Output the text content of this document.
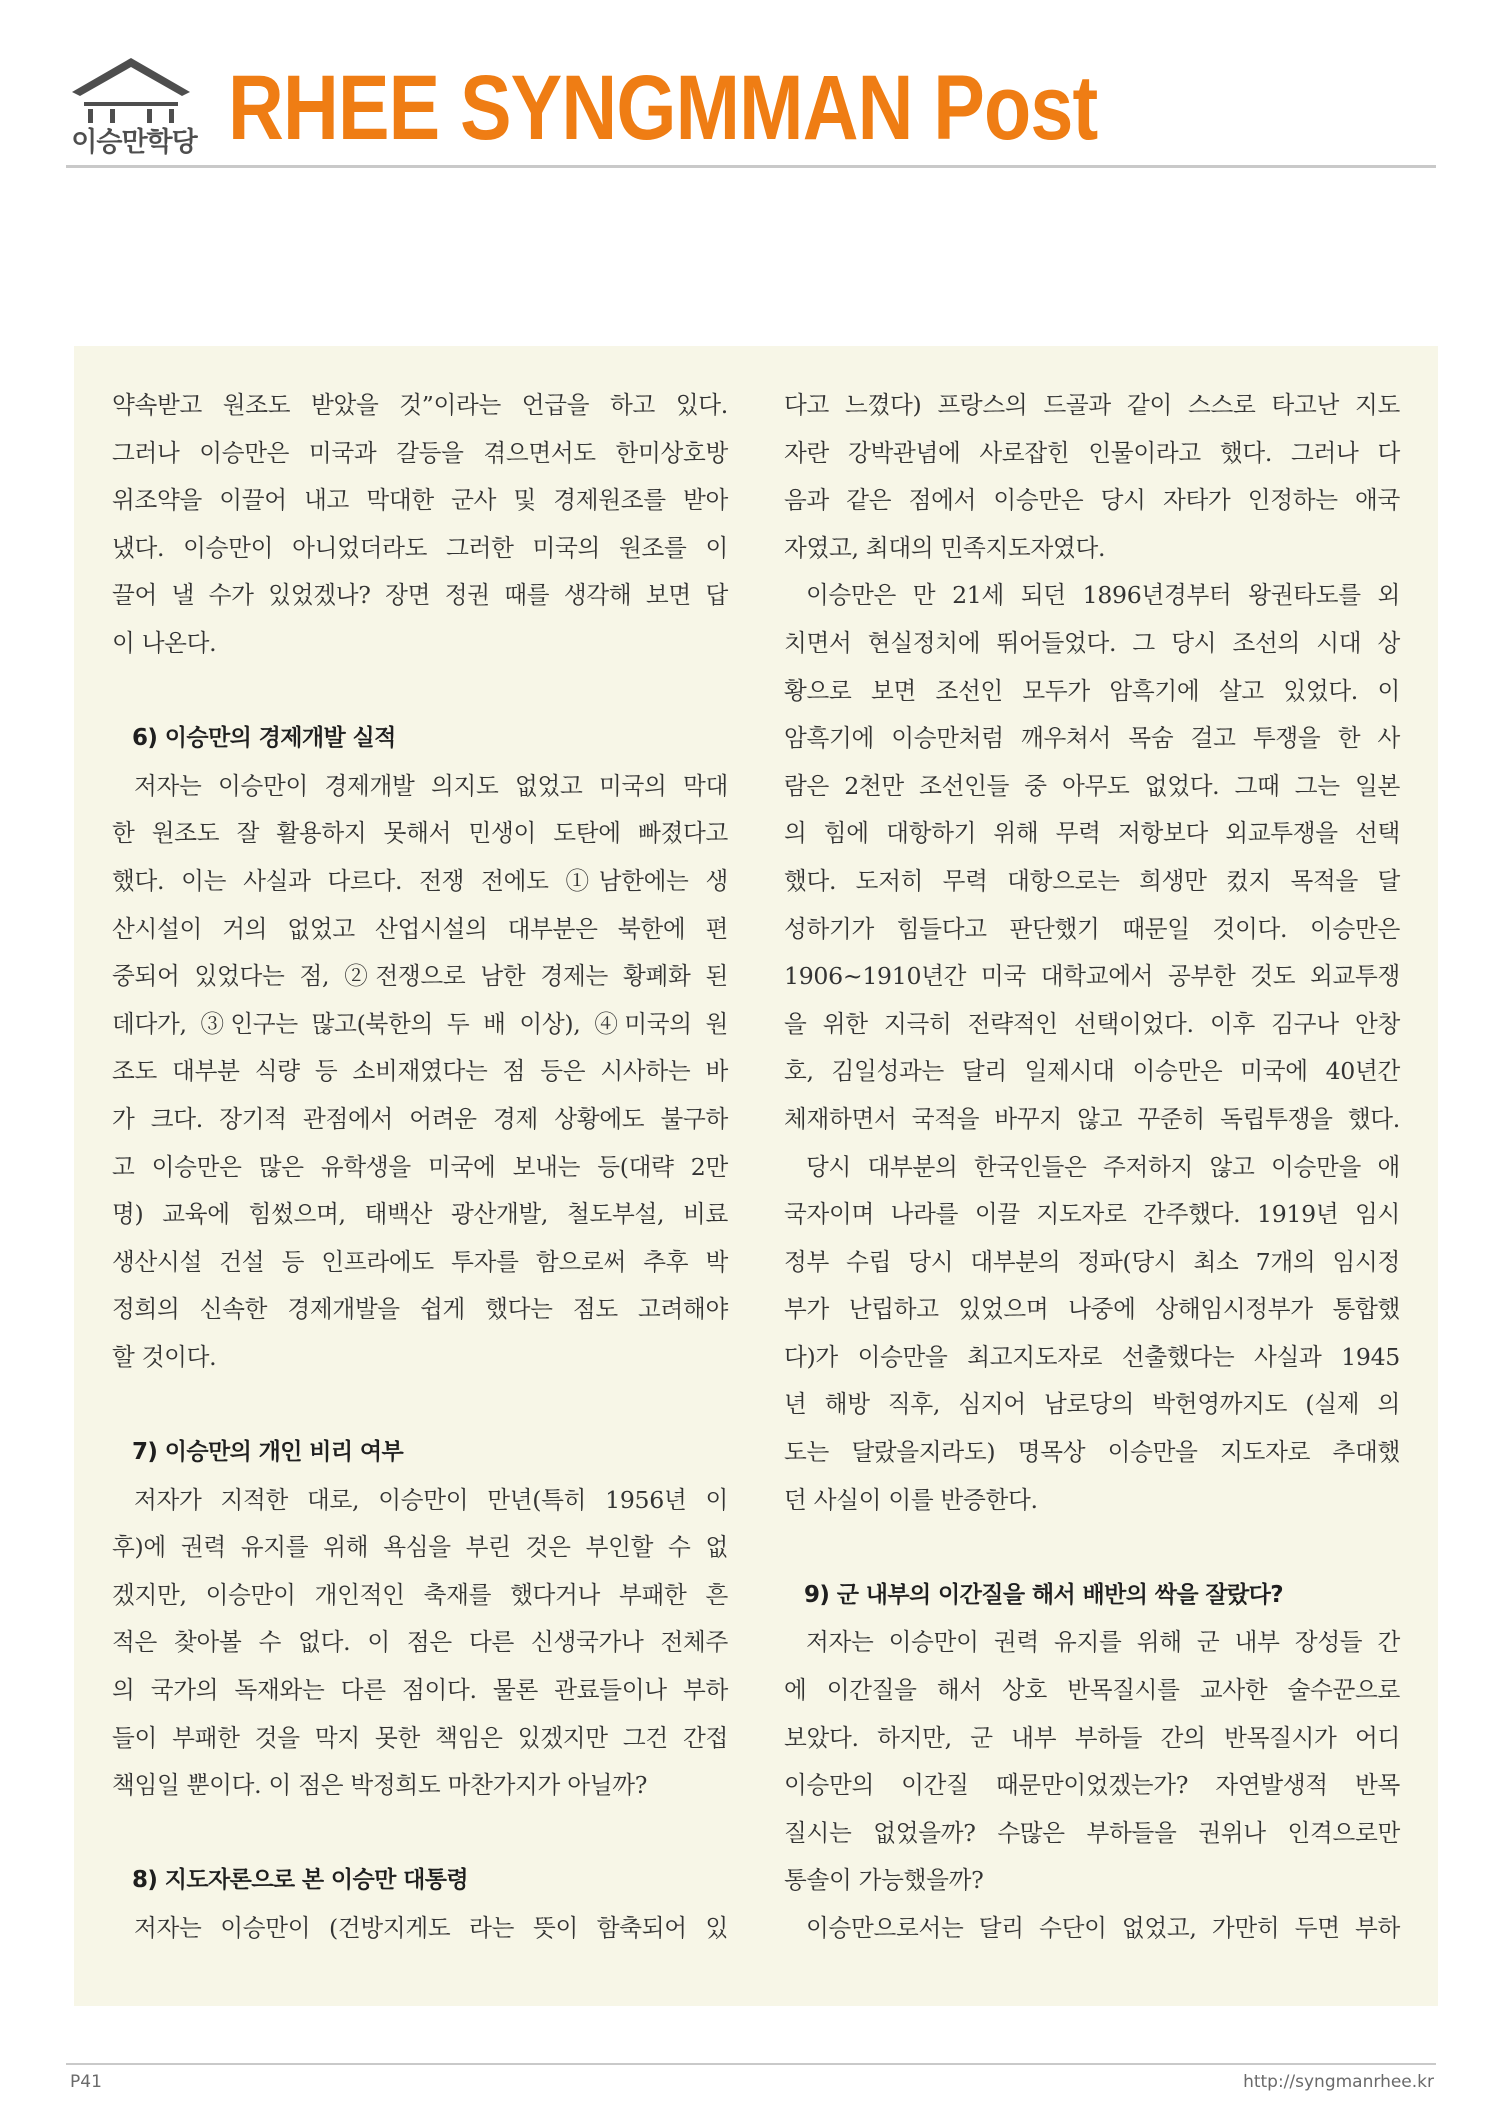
이승만학당 RHEE SYNGMMAN Post
약속받고 원조도 받았을 것”이라는 언급을 하고 있다.
그러나 이승만은 미국과 갈등을 겪으면서도 한미상호방
위조약을 이끌어 내고 막대한 군사 및 경제원조를 받아
냈다. 이승만이 아니었더라도 그러한 미국의 원조를 이
끌어 낼 수가 있었겠나? 장면 정권 때를 생각해 보면 답
이 나온다.
6) 이승만의 경제개발 실적
저자는 이승만이 경제개발 의지도 없었고 미국의 막대
한 원조도 잘 활용하지 못해서 민생이 도탄에 빠졌다고
했다. 이는 사실과 다르다. 전쟁 전에도 ①남한에는 생
산시설이 거의 없었고 산업시설의 대부분은 북한에 편
중되어 있었다는 점, ②전쟁으로 남한 경제는 황폐화 된
데다가, ③인구는 많고(북한의 두 배 이상), ④미국의 원
조도 대부분 식량 등 소비재였다는 점 등은 시사하는 바
가 크다. 장기적 관점에서 어려운 경제 상황에도 불구하
고 이승만은 많은 유학생을 미국에 보내는 등(대략 2만
명) 교육에 힘썼으며, 태백산 광산개발, 철도부설, 비료
생산시설 건설 등 인프라에도 투자를 함으로써 추후 박
정희의 신속한 경제개발을 쉽게 했다는 점도 고려해야
할 것이다.
7) 이승만의 개인 비리 여부
저자가 지적한 대로, 이승만이 만년(특히 1956년 이
후)에 권력 유지를 위해 욕심을 부린 것은 부인할 수 없
겠지만, 이승만이 개인적인 축재를 했다거나 부패한 흔
적은 찾아볼 수 없다. 이 점은 다른 신생국가나 전체주
의 국가의 독재와는 다른 점이다. 물론 관료들이나 부하
들이 부패한 것을 막지 못한 책임은 있겠지만 그건 간접
책임일 뿐이다. 이 점은 박정희도 마찬가지가 아닐까?
8) 지도자론으로 본 이승만 대통령
저자는 이승만이 (건방지게도 라는 뜻이 함축되어 있
다고 느꼈다) 프랑스의 드골과 같이 스스로 타고난 지도
자란 강박관념에 사로잡힌 인물이라고 했다. 그러나 다
음과 같은 점에서 이승만은 당시 자타가 인정하는 애국
자였고, 최대의 민족지도자였다.
이승만은 만 21세 되던 1896년경부터 왕권타도를 외
치면서 현실정치에 뛰어들었다. 그 당시 조선의 시대 상
황으로 보면 조선인 모두가 암흑기에 살고 있었다. 이
암흑기에 이승만처럼 깨우쳐서 목숨 걸고 투쟁을 한 사
람은 2천만 조선인들 중 아무도 없었다. 그때 그는 일본
의 힘에 대항하기 위해 무력 저항보다 외교투쟁을 선택
했다. 도저히 무력 대항으로는 희생만 컸지 목적을 달
성하기가 힘들다고 판단했기 때문일 것이다. 이승만은
1906~1910년간 미국 대학교에서 공부한 것도 외교투쟁
을 위한 지극히 전략적인 선택이었다. 이후 김구나 안창
호, 김일성과는 달리 일제시대 이승만은 미국에 40년간
체재하면서 국적을 바꾸지 않고 꾸준히 독립투쟁을 했다.
당시 대부분의 한국인들은 주저하지 않고 이승만을 애
국자이며 나라를 이끌 지도자로 간주했다. 1919년 임시
정부 수립 당시 대부분의 정파(당시 최소 7개의 임시정
부가 난립하고 있었으며 나중에 상해임시정부가 통합했
다)가 이승만을 최고지도자로 선출했다는 사실과 1945
년 해방 직후, 심지어 남로당의 박헌영까지도 (실제 의
도는 달랐을지라도) 명목상 이승만을 지도자로 추대했
던 사실이 이를 반증한다.
9) 군 내부의 이간질을 해서 배반의 싹을 잘랐다?
저자는 이승만이 권력 유지를 위해 군 내부 장성들 간
에 이간질을 해서 상호 반목질시를 교사한 술수꾼으로
보았다. 하지만, 군 내부 부하들 간의 반목질시가 어디
이승만의 이간질 때문만이었겠는가? 자연발생적 반목
질시는 없었을까? 수많은 부하들을 권위나 인격으로만
통솔이 가능했을까?
이승만으로서는 달리 수단이 없었고, 가만히 두면 부하
P41	http://syngmanrhee.kr
